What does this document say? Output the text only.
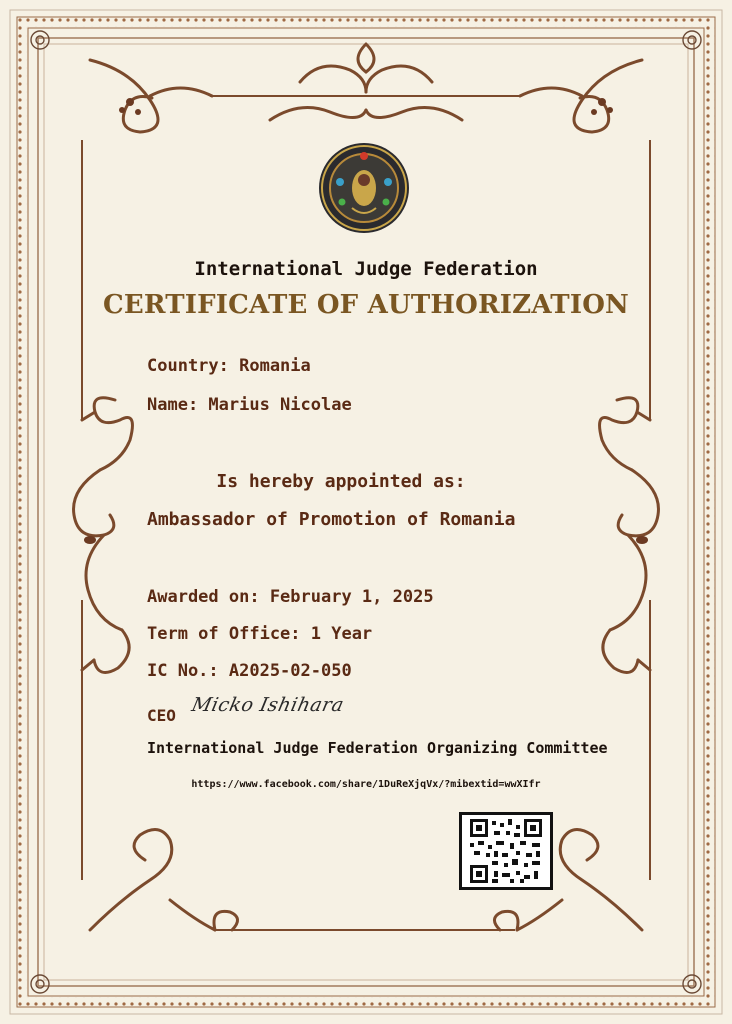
International Judge Federation
CERTIFICATE OF AUTHORIZATION
Country: Romania
Name: Marius Nicolae
Is hereby appointed as:
Ambassador of Promotion of Romania
Awarded on: February 1, 2025
Term of Office: 1 Year
IC No.: A2025-02-050
CEO Micko Ishihara
International Judge Federation Organizing Committee
https://www.facebook.com/share/1DuReXjqVx/?mibextid=wwXIfr
